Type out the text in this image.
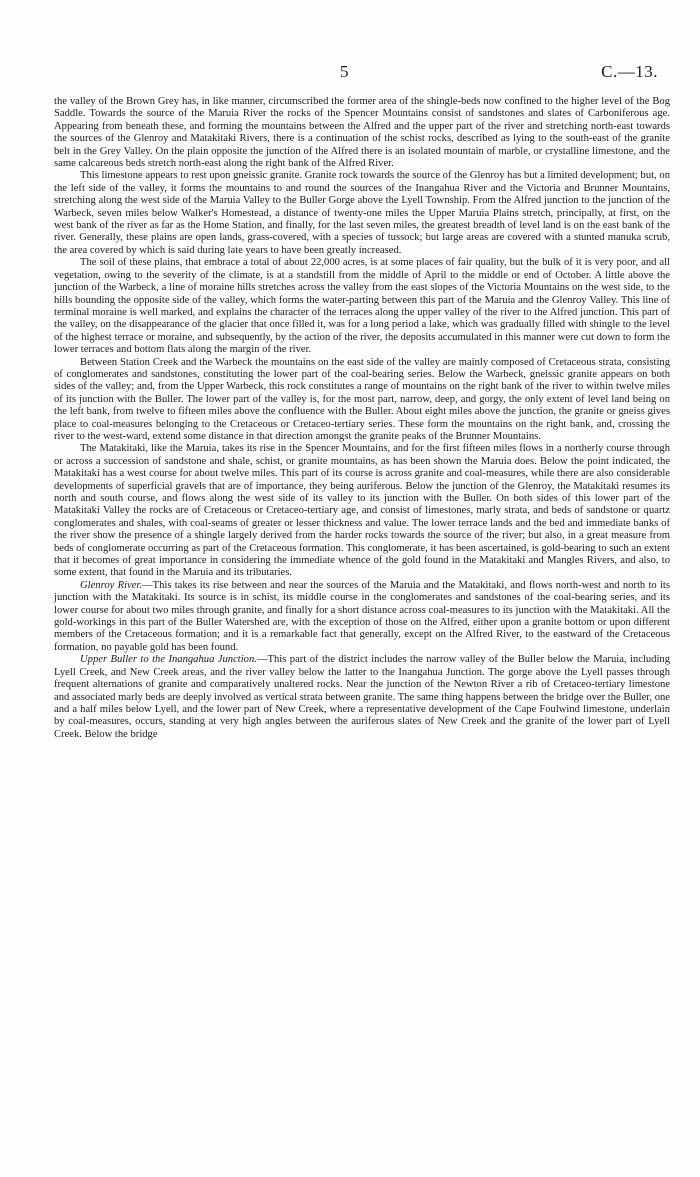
5	C.—13.

the valley of the Brown Grey has, in like manner, circumscribed the former area of the shingle-beds now confined to the higher level of the Bog Saddle. Towards the source of the Maruia River the rocks of the Spencer Mountains consist of sandstones and slates of Carboniferous age. Appearing from beneath these, and forming the mountains between the Alfred and the upper part of the river and stretching north-east towards the sources of the Glenroy and Matakitaki Rivers, there is a continuation of the schist rocks, described as lying to the south-east of the granite belt in the Grey Valley. On the plain opposite the junction of the Alfred there is an isolated mountain of marble, or crystalline limestone, and the same calcareous beds stretch north-east along the right bank of the Alfred River.

This limestone appears to rest upon gneissic granite. Granite rock towards the source of the Glenroy has but a limited development; but, on the left side of the valley, it forms the mountains to and round the sources of the Inangahua River and the Victoria and Brunner Mountains, stretching along the west side of the Maruia Valley to the Buller Gorge above the Lyell Township. From the Alfred junction to the junction of the Warbeck, seven miles below Walker's Homestead, a distance of twenty-one miles the Upper Maruia Plains stretch, principally, at first, on the west bank of the river as far as the Home Station, and finally, for the last seven miles, the greatest breadth of level land is on the east bank of the river. Generally, these plains are open lands, grass-covered, with a species of tussock; but large areas are covered with a stunted manuka scrub, the area covered by which is said during late years to have been greatly increased.

The soil of these plains, that embrace a total of about 22,000 acres, is at some places of fair quality, but the bulk of it is very poor, and all vegetation, owing to the severity of the climate, is at a standstill from the middle of April to the middle or end of October. A little above the junction of the Warbeck, a line of moraine hills stretches across the valley from the east slopes of the Victoria Mountains on the west side, to the hills bounding the opposite side of the valley, which forms the water-parting between this part of the Maruia and the Glenroy Valley. This line of terminal moraine is well marked, and explains the character of the terraces along the upper valley of the river to the Alfred junction. This part of the valley, on the disappearance of the glacier that once filled it, was for a long period a lake, which was gradually filled with shingle to the level of the highest terrace or moraine, and subsequently, by the action of the river, the deposits accumulated in this manner were cut down to form the lower terraces and bottom flats along the margin of the river.

Between Station Creek and the Warbeck the mountains on the east side of the valley are mainly composed of Cretaceous strata, consisting of conglomerates and sandstones, constituting the lower part of the coal-bearing series. Below the Warbeck, gneissic granite appears on both sides of the valley; and, from the Upper Warbeck, this rock constitutes a range of mountains on the right bank of the river to within twelve miles of its junction with the Buller. The lower part of the valley is, for the most part, narrow, deep, and gorgy, the only extent of level land being on the left bank, from twelve to fifteen miles above the confluence with the Buller. About eight miles above the junction, the granite or gneiss gives place to coal-measures belonging to the Cretaceous or Cretaceo-tertiary series. These form the mountains on the right bank, and, crossing the river to the west-ward, extend some distance in that direction amongst the granite peaks of the Brunner Mountains.

The Matakitaki, like the Maruia, takes its rise in the Spencer Mountains, and for the first fifteen miles flows in a northerly course through or across a succession of sandstone and shale, schist, or granite mountains, as has been shown the Maruia does. Below the point indicated, the Matakitaki has a west course for about twelve miles. This part of its course is across granite and coal-measures, while there are also considerable developments of superficial gravels that are of importance, they being auriferous. Below the junction of the Glenroy, the Matakitaki resumes its north and south course, and flows along the west side of its valley to its junction with the Buller. On both sides of this lower part of the Matakitaki Valley the rocks are of Cretaceous or Cretaceo-tertiary age, and consist of limestones, marly strata, and beds of sandstone or quartz conglomerates and shales, with coal-seams of greater or lesser thickness and value. The lower terrace lands and the bed and immediate banks of the river show the presence of a shingle largely derived from the harder rocks towards the source of the river; but also, in a great measure from beds of conglomerate occurring as part of the Cretaceous formation. This conglomerate, it has been ascertained, is gold-bearing to such an extent that it becomes of great importance in considering the immediate whence of the gold found in the Matakitaki and Mangles Rivers, and also, to some extent, that found in the Maruia and its tributaries.

Glenroy River.—This takes its rise between and near the sources of the Maruia and the Matakitaki, and flows north-west and north to its junction with the Matakitaki. Its source is in schist, its middle course in the conglomerates and sandstones of the coal-bearing series, and its lower course for about two miles through granite, and finally for a short distance across coal-measures to its junction with the Matakitaki. All the gold-workings in this part of the Buller Watershed are, with the exception of those on the Alfred, either upon a granite bottom or upon different members of the Cretaceous formation; and it is a remarkable fact that generally, except on the Alfred River, to the eastward of the Cretaceous formation, no payable gold has been found.

Upper Buller to the Inangahua Junction.—This part of the district includes the narrow valley of the Buller below the Maruia, including Lyell Creek, and New Creek areas, and the river valley below the latter to the Inangahua Junction. The gorge above the Lyell passes through frequent alternations of granite and comparatively unaltered rocks. Near the junction of the Newton River a rib of Cretaceo-tertiary limestone and associated marly beds are deeply involved as vertical strata between granite. The same thing happens between the bridge over the Buller, one and a half miles below Lyell, and the lower part of New Creek, where a representative development of the Cape Foulwind limestone, underlain by coal-measures, occurs, standing at very high angles between the auriferous slates of New Creek and the granite of the lower part of Lyell Creek. Below the bridge
